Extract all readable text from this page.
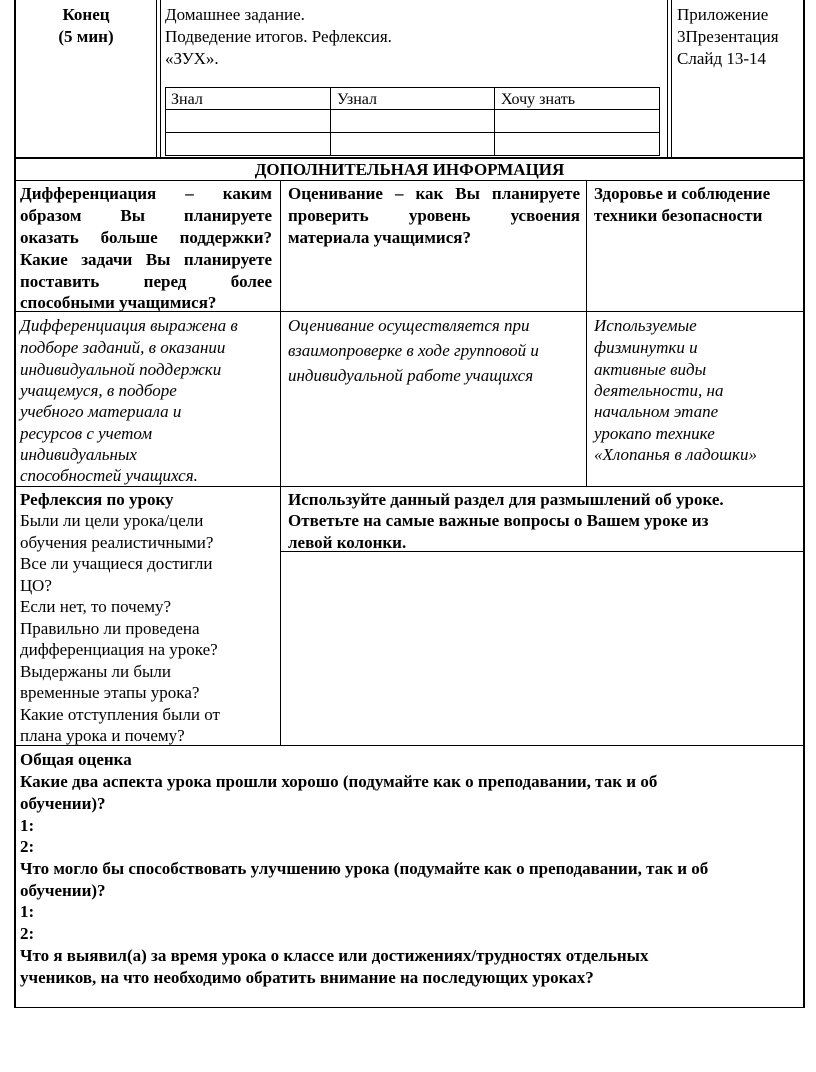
Конец
(5 мин)
Домашнее задание.
Подведение итогов. Рефлексия.
«ЗУХ».
Знал	Узнал	Хочу знать
Приложение
3Презентация
Слайд 13-14
ДОПОЛНИТЕЛЬНАЯ ИНФОРМАЦИЯ
Дифференциация – каким
образом Вы планируете
оказать больше поддержки?
Какие задачи Вы планируете
поставить перед более
способными учащимися?
Оценивание – как Вы планируете
проверить уровень усвоения
материала учащимися?
Здоровье и соблюдение
техники безопасности
Дифференциация выражена в
подборе заданий, в оказании
индивидуальной поддержки
учащемуся, в подборе
учебного материала и
ресурсов с учетом
индивидуальных
способностей учащихся.
Оценивание осуществляется при
взаимопроверке в ходе групповой и
индивидуальной работе учащихся
Используемые
физминутки и
активные виды
деятельности, на
начальном этапе
урокапо технике
«Хлопанья в ладошки»
Рефлексия по уроку
Были ли цели урока/цели
обучения реалистичными?
Все ли учащиеся достигли
ЦО?
Если нет, то почему?
Правильно ли проведена
дифференциация на уроке?
Выдержаны ли были
временные этапы урока?
Какие отступления были от
плана урока и почему?
Используйте данный раздел для размышлений об уроке.
Ответьте на самые важные вопросы о Вашем уроке из
левой колонки.
Общая оценка
Какие два аспекта урока прошли хорошо (подумайте как о преподавании, так и об
обучении)?
1:
2:
Что могло бы способствовать улучшению урока (подумайте как о преподавании, так и об
обучении)?
1:
2:
Что я выявил(а) за время урока о классе или достижениях/трудностях отдельных
учеников, на что необходимо обратить внимание на последующих уроках?
